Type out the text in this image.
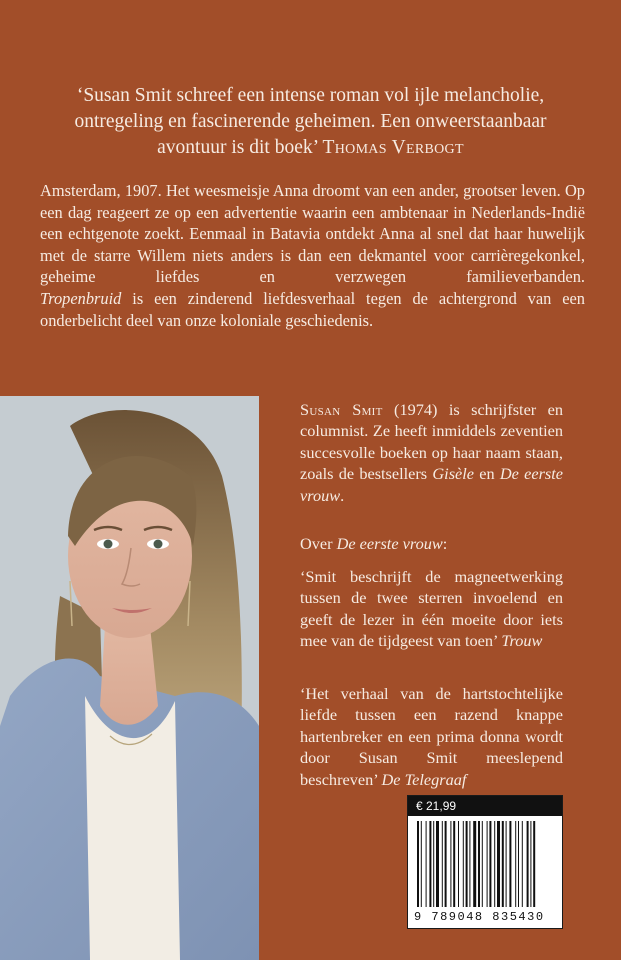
‘Susan Smit schreef een intense roman vol ijle melancholie,
ontregeling en fascinerende geheimen. Een onweerstaanbaar
avontuur is dit boek’ Thomas Verbogt

Amsterdam, 1907. Het weesmeisje Anna droomt van een ander, grootser leven. Op een dag reageert ze op een advertentie waarin een ambtenaar in Nederlands-Indië een echtgenote zoekt. Eenmaal in Batavia ontdekt Anna al snel dat haar huwelijk met de starre Willem niets anders is dan een dekmantel voor carrièregekonkel, geheime liefdes en verzwegen familieverbanden.

Tropenbruid is een zinderend liefdesverhaal tegen de achtergrond van een onderbelicht deel van onze koloniale geschiedenis.

Susan Smit (1974) is schrijfster en columnist. Ze heeft inmiddels zeventien succesvolle boeken op haar naam staan, zoals de bestsellers Gisèle en De eerste vrouw.

Over De eerste vrouw:

‘Smit beschrijft de magneetwerking tussen de twee sterren invoelend en geeft de lezer in één moeite door iets mee van de tijdgeest van toen’ Trouw

‘Het verhaal van de hartstochtelijke liefde tussen een razend knappe hartenbreker en een prima donna wordt door Susan Smit meeslepend beschreven’ De Telegraaf

€ 21,99
9 789048 835430
